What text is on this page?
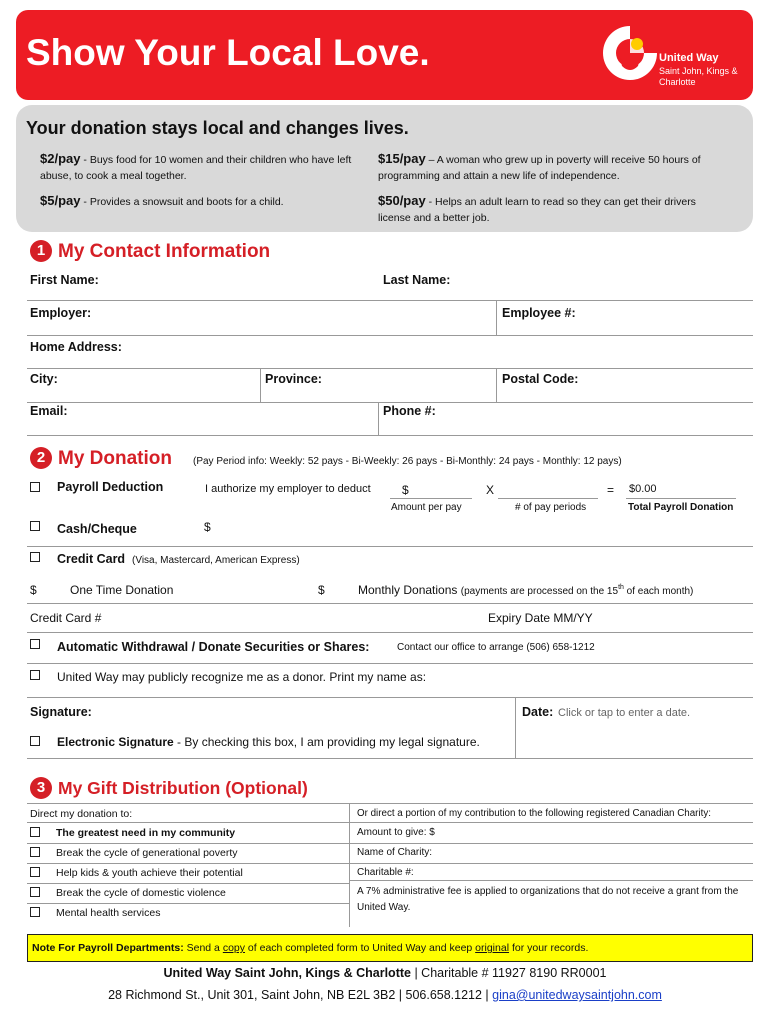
Show Your Local Love.	United Way
Saint John, Kings & Charlotte
Your donation stays local and changes lives.
$2/pay - Buys food for 10 women and their children who have left abuse, to cook a meal together.
$15/pay – A woman who grew up in poverty will receive 50 hours of programming and attain a new life of independence.
$5/pay - Provides a snowsuit and boots for a child.	$50/pay - Helps an adult learn to read so they can get their drivers license and a better job.
1 My Contact Information
First Name:	Last Name:
Employer:	Employee #:
Home Address:
City:	Province:	Postal Code:
Email:	Phone #:
2 My Donation (Pay Period info: Weekly: 52 pays - Bi-Weekly: 26 pays - Bi-Monthly: 24 pays - Monthly: 12 pays)
Payroll Deduction	I authorize my employer to deduct	$	X	= $0.00
Amount per pay	# of pay periods	Total Payroll Donation
Cash/Cheque	$
Credit Card (Visa, Mastercard, American Express)
$	One Time Donation	$	Monthly Donations (payments are processed on the 15th of each month)
Credit Card #	Expiry Date MM/YY
Automatic Withdrawal / Donate Securities or Shares:	Contact our office to arrange (506) 658-1212
United Way may publicly recognize me as a donor. Print my name as:
Signature:	Date: Click or tap to enter a date.
Electronic Signature - By checking this box, I am providing my legal signature.
3 My Gift Distribution (Optional)
Direct my donation to:
The greatest need in my community
Break the cycle of generational poverty
Help kids & youth achieve their potential
Break the cycle of domestic violence
Mental health services
Or direct a portion of my contribution to the following registered Canadian Charity:
Amount to give: $
Name of Charity:
Charitable #:
A 7% administrative fee is applied to organizations that do not receive a grant from the United Way.
Note For Payroll Departments: Send a copy of each completed form to United Way and keep original for your records.
United Way Saint John, Kings & Charlotte | Charitable # 11927 8190 RR0001
28 Richmond St., Unit 301, Saint John, NB E2L 3B2 | 506.658.1212 | gina@unitedwaysaintjohn.com
